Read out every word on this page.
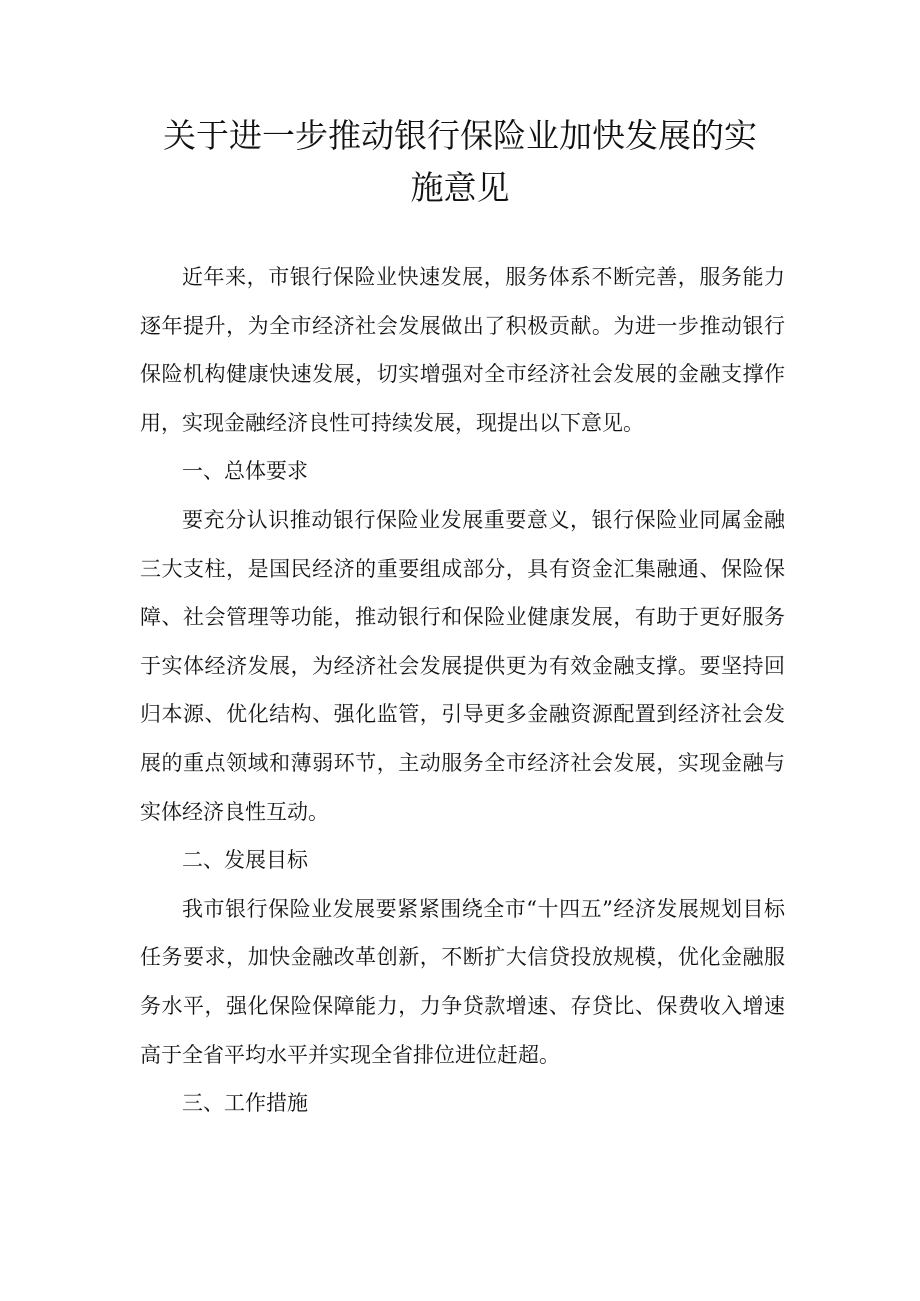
关于进一步推动银行保险业加快发展的实
施意见

近年来，市银行保险业快速发展，服务体系不断完善，服务能力逐年提升，为全市经济社会发展做出了积极贡献。为进一步推动银行保险机构健康快速发展，切实增强对全市经济社会发展的金融支撑作用，实现金融经济良性可持续发展，现提出以下意见。

一、总体要求

要充分认识推动银行保险业发展重要意义，银行保险业同属金融三大支柱，是国民经济的重要组成部分，具有资金汇集融通、保险保障、社会管理等功能，推动银行和保险业健康发展，有助于更好服务于实体经济发展，为经济社会发展提供更为有效金融支撑。要坚持回归本源、优化结构、强化监管，引导更多金融资源配置到经济社会发展的重点领域和薄弱环节，主动服务全市经济社会发展，实现金融与实体经济良性互动。

二、发展目标

我市银行保险业发展要紧紧围绕全市“十四五”经济发展规划目标任务要求，加快金融改革创新，不断扩大信贷投放规模，优化金融服务水平，强化保险保障能力，力争贷款增速、存贷比、保费收入增速高于全省平均水平并实现全省排位进位赶超。

三、工作措施
